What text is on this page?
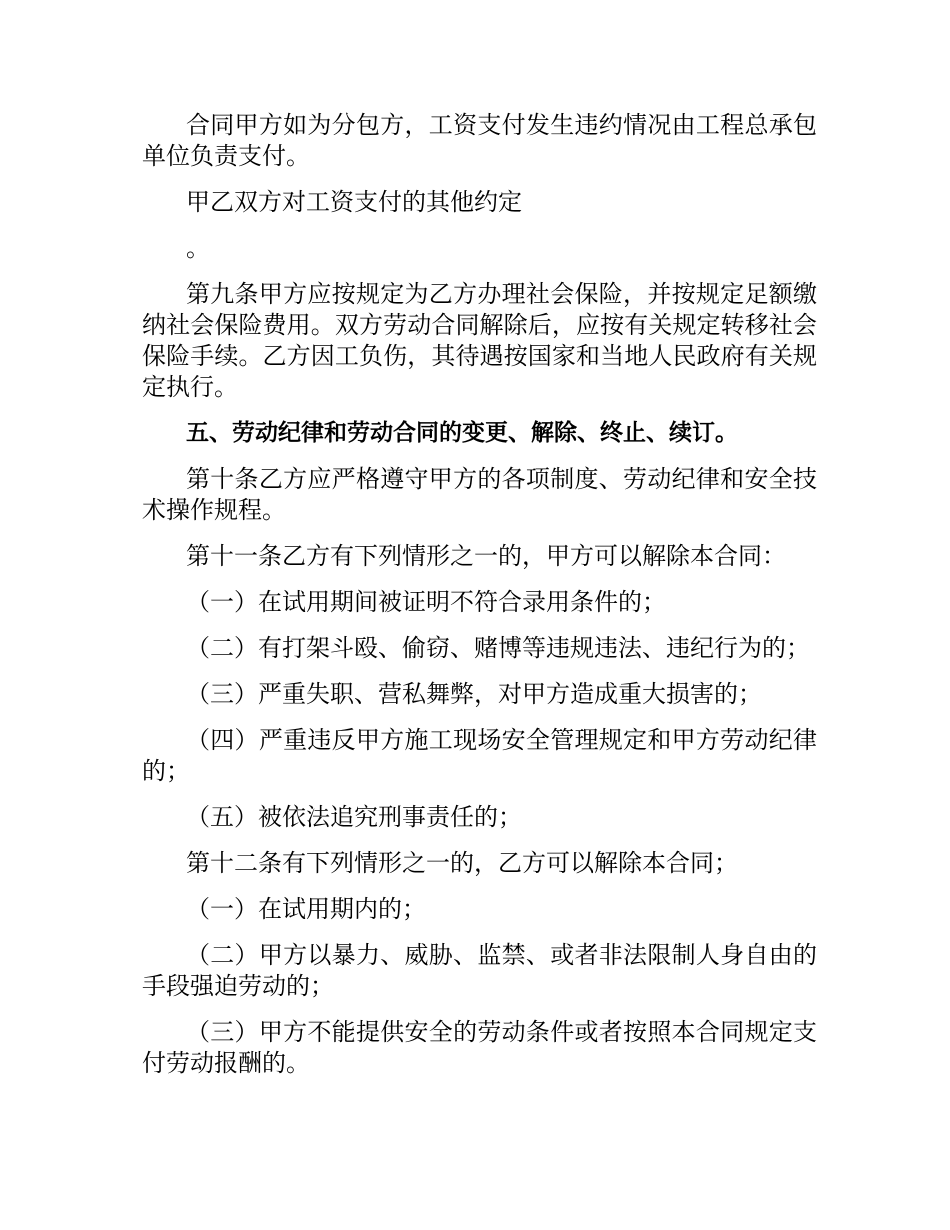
合同甲方如为分包方，工资支付发生违约情况由工程总承包单位负责支付。

甲乙双方对工资支付的其他约定

。

第九条甲方应按规定为乙方办理社会保险，并按规定足额缴纳社会保险费用。双方劳动合同解除后，应按有关规定转移社会保险手续。乙方因工负伤，其待遇按国家和当地人民政府有关规定执行。

五、劳动纪律和劳动合同的变更、解除、终止、续订。

第十条乙方应严格遵守甲方的各项制度、劳动纪律和安全技术操作规程。

第十一条乙方有下列情形之一的，甲方可以解除本合同：

（一）在试用期间被证明不符合录用条件的；

（二）有打架斗殴、偷窃、赌博等违规违法、违纪行为的；

（三）严重失职、营私舞弊，对甲方造成重大损害的；

（四）严重违反甲方施工现场安全管理规定和甲方劳动纪律的；

（五）被依法追究刑事责任的；

第十二条有下列情形之一的，乙方可以解除本合同；

（一）在试用期内的；

（二）甲方以暴力、威胁、监禁、或者非法限制人身自由的手段强迫劳动的；

（三）甲方不能提供安全的劳动条件或者按照本合同规定支付劳动报酬的。
